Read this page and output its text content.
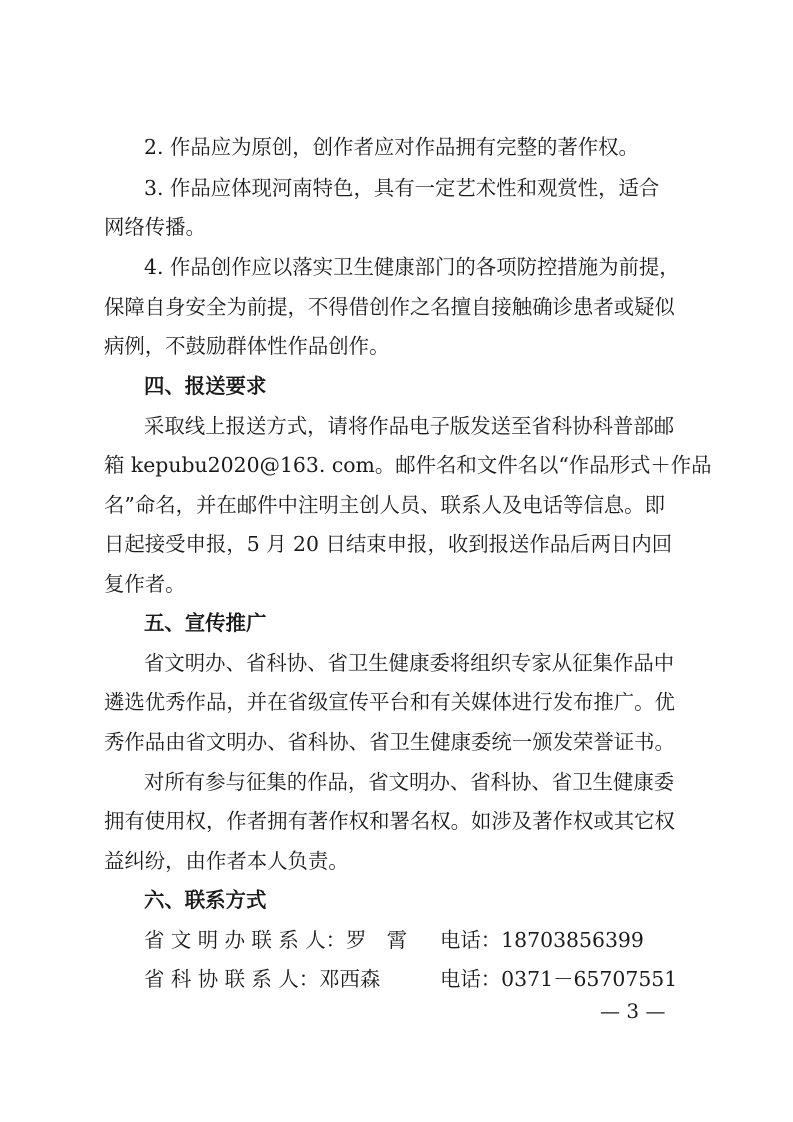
2. 作品应为原创，创作者应对作品拥有完整的著作权。
3. 作品应体现河南特色，具有一定艺术性和观赏性，适合
网络传播。
4. 作品创作应以落实卫生健康部门的各项防控措施为前提，
保障自身安全为前提，不得借创作之名擅自接触确诊患者或疑似
病例，不鼓励群体性作品创作。
四、报送要求
采取线上报送方式，请将作品电子版发送至省科协科普部邮
箱 kepubu2020@163. com。邮件名和文件名以“作品形式＋作品
名”命名，并在邮件中注明主创人员、联系人及电话等信息。即
日起接受申报，5 月 20 日结束申报，收到报送作品后两日内回
复作者。
五、宣传推广
省文明办、省科协、省卫生健康委将组织专家从征集作品中
遴选优秀作品，并在省级宣传平台和有关媒体进行发布推广。优
秀作品由省文明办、省科协、省卫生健康委统一颁发荣誉证书。
对所有参与征集的作品，省文明办、省科协、省卫生健康委
拥有使用权，作者拥有著作权和署名权。如涉及著作权或其它权
益纠纷，由作者本人负责。
六、联系方式
省 文 明 办 联 系 人：罗　霄 电话：18703856399
省 科 协 联 系 人：邓西森	电话：0371－65707551
— 3 —
